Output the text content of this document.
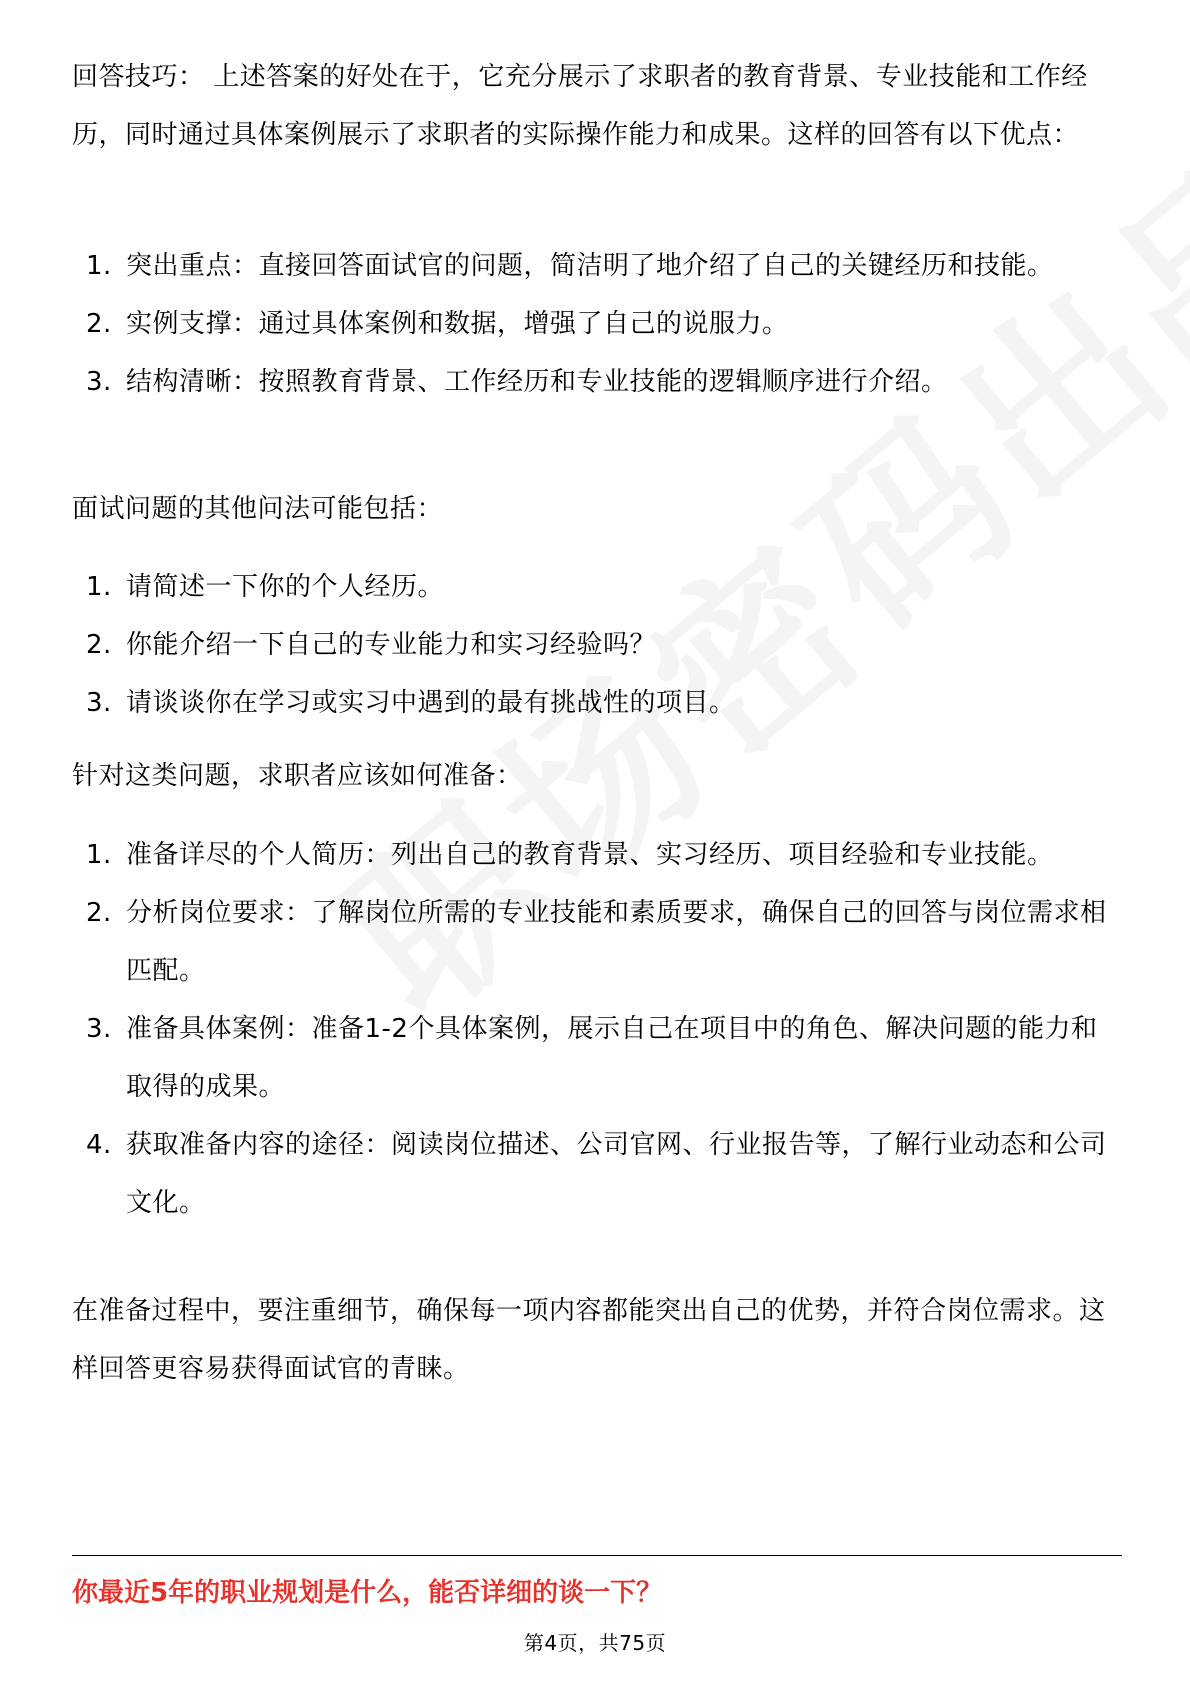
回答技巧： 上述答案的好处在于，它充分展示了求职者的教育背景、专业技能和工作经历，同时通过具体案例展示了求职者的实际操作能力和成果。这样的回答有以下优点：

1. 突出重点：直接回答面试官的问题，简洁明了地介绍了自己的关键经历和技能。
2. 实例支撑：通过具体案例和数据，增强了自己的说服力。
3. 结构清晰：按照教育背景、工作经历和专业技能的逻辑顺序进行介绍。

面试问题的其他问法可能包括：

1. 请简述一下你的个人经历。
2. 你能介绍一下自己的专业能力和实习经验吗？
3. 请谈谈你在学习或实习中遇到的最有挑战性的项目。

针对这类问题，求职者应该如何准备：

1. 准备详尽的个人简历：列出自己的教育背景、实习经历、项目经验和专业技能。
2. 分析岗位要求：了解岗位所需的专业技能和素质要求，确保自己的回答与岗位需求相匹配。
3. 准备具体案例：准备1-2个具体案例，展示自己在项目中的角色、解决问题的能力和取得的成果。
4. 获取准备内容的途径：阅读岗位描述、公司官网、行业报告等，了解行业动态和公司文化。

在准备过程中，要注重细节，确保每一项内容都能突出自己的优势，并符合岗位需求。这样回答更容易获得面试官的青睐。

你最近5年的职业规划是什么，能否详细的谈一下？
第4页，共75页
